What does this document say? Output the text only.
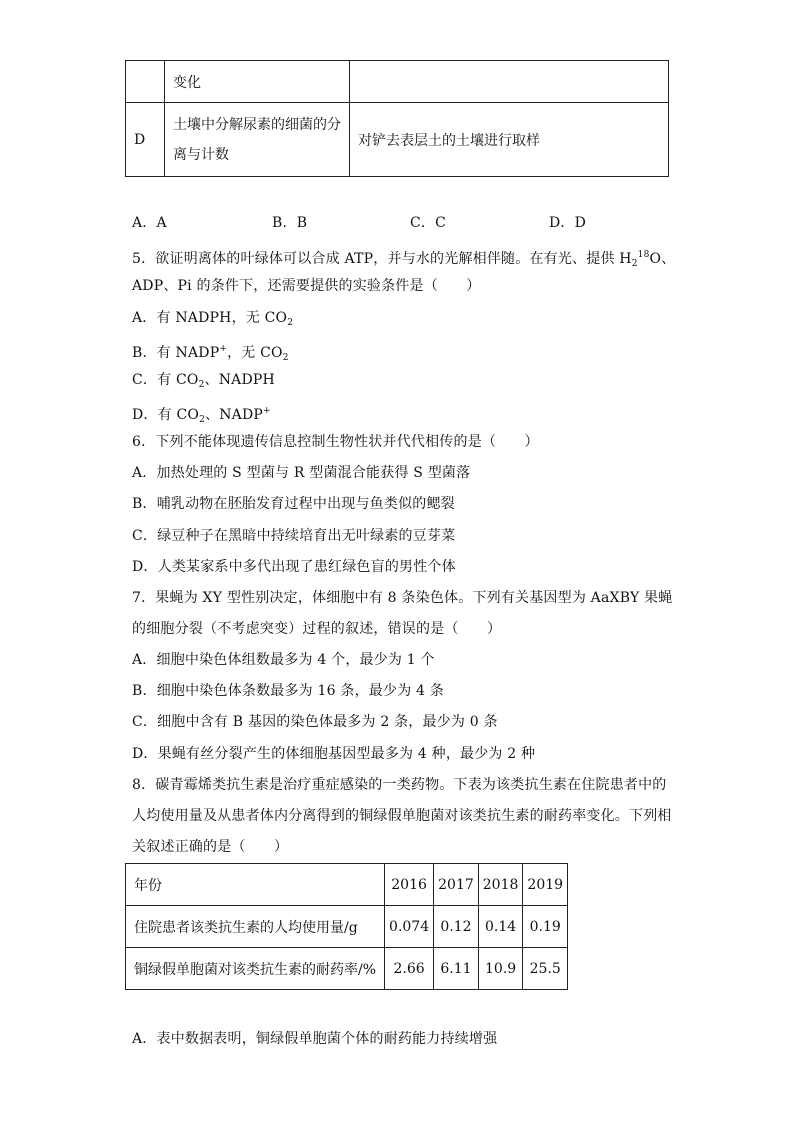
	变化	
D	土壤中分解尿素的细菌的分
离与计数	对铲去表层土的土壤进行取样
A．A	B．B	C．C	D．D
5．欲证明离体的叶绿体可以合成 ATP，并与水的光解相伴随。在有光、提供 $H_2^{18}O$、
ADP、Pi 的条件下，还需要提供的实验条件是（　　）
A．有 NADPH，无 $CO_2$
B．有 NADP+，无 $CO_2$
C．有 $CO_2$、NADPH
D．有 $CO_2$、NADP+
6．下列不能体现遗传信息控制生物性状并代代相传的是（　　）
A．加热处理的 S 型菌与 R 型菌混合能获得 S 型菌落
B．哺乳动物在胚胎发育过程中出现与鱼类似的鳃裂
C．绿豆种子在黑暗中持续培育出无叶绿素的豆芽菜
D．人类某家系中多代出现了患红绿色盲的男性个体
7．果蝇为 XY 型性别决定，体细胞中有 8 条染色体。下列有关基因型为 AaXBY 果蝇
的细胞分裂（不考虑突变）过程的叙述，错误的是（　　）
A．细胞中染色体组数最多为 4 个，最少为 1 个
B．细胞中染色体条数最多为 16 条，最少为 4 条
C．细胞中含有 B 基因的染色体最多为 2 条，最少为 0 条
D．果蝇有丝分裂产生的体细胞基因型最多为 4 种，最少为 2 种
8．碳青霉烯类抗生素是治疗重症感染的一类药物。下表为该类抗生素在住院患者中的
人均使用量及从患者体内分离得到的铜绿假单胞菌对该类抗生素的耐药率变化。下列相
关叙述正确的是（　　）
年份	2016	2017	2018	2019
住院患者该类抗生素的人均使用量/g	0.074	0.12	0.14	0.19
铜绿假单胞菌对该类抗生素的耐药率/%	2.66	6.11	10.9	25.5
A．表中数据表明，铜绿假单胞菌个体的耐药能力持续增强
